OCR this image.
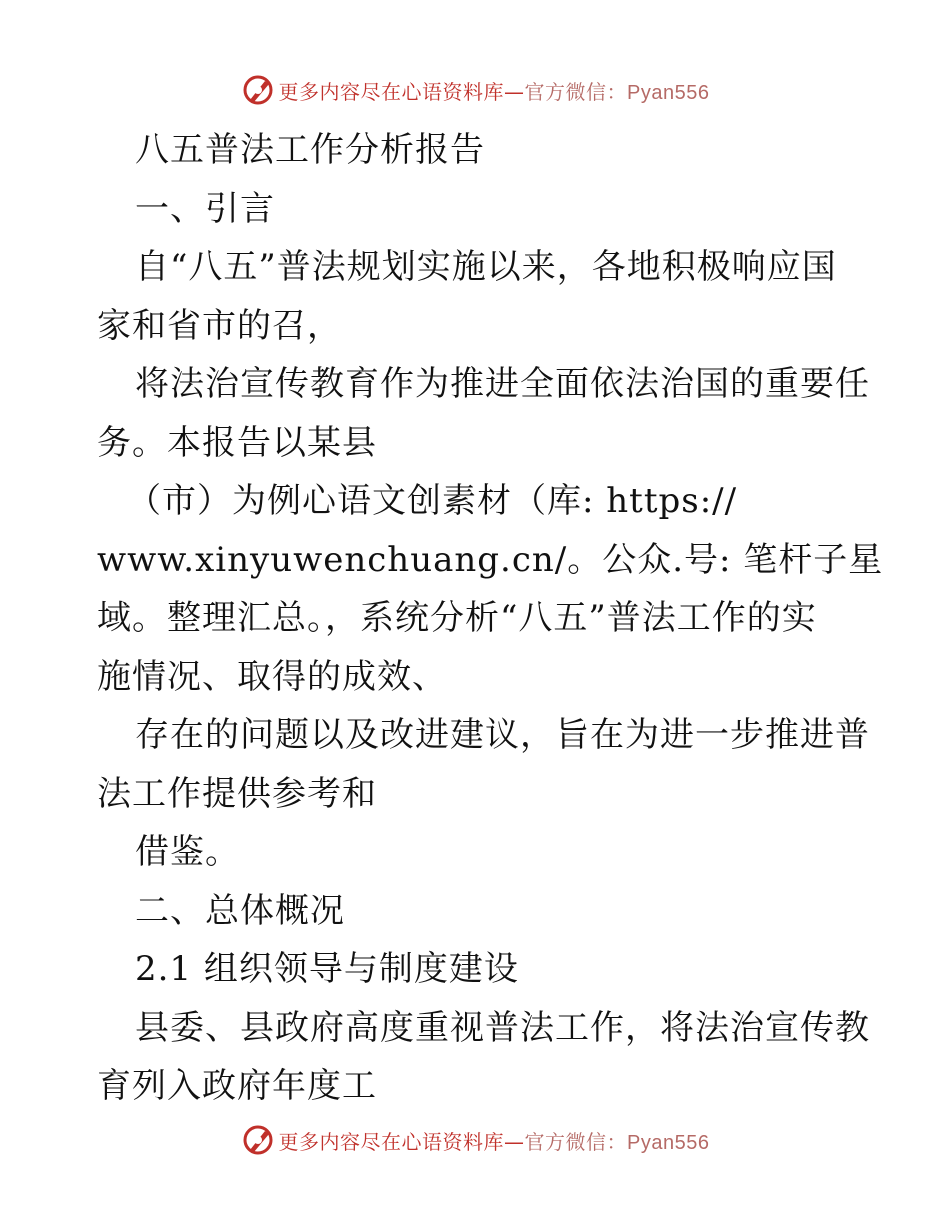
更多内容尽在心语资料库—官方微信：Pyan556
八五普法工作分析报告
一、引言
自“八五”普法规划实施以来，各地积极响应国
家和省市的召，
将法治宣传教育作为推进全面依法治国的重要任
务。本报告以某县
（市）为例心语文创素材（库: https://
www.xinyuwenchuang.cn/。公众.号: 笔杆子星
域。整理汇总。，系统分析“八五”普法工作的实
施情况、取得的成效、
存在的问题以及改进建议，旨在为进一步推进普
法工作提供参考和
借鉴。
二、总体概况
2.1 组织领导与制度建设
县委、县政府高度重视普法工作，将法治宣传教
育列入政府年度工
更多内容尽在心语资料库—官方微信：Pyan556
